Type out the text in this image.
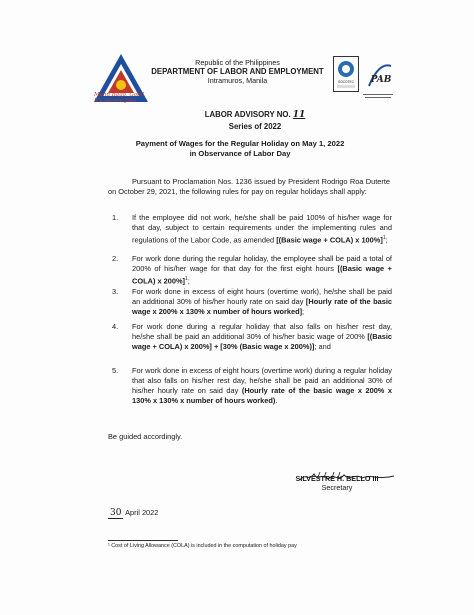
Mann Bago, Golo!
It's decent jobs
Republic of the Philippines
DEPARTMENT OF LABOR AND EMPLOYMENT
Intramuros, Manila	SOCOTEC PAB
LABOR ADVISORY NO. 11
Series of 2022
Payment of Wages for the Regular Holiday on May 1, 2022
in Observance of Labor Day
Pursuant to Proclamation Nos. 1236 issued by President Rodrigo Roa Duterte on October 29, 2021, the following rules for pay on regular holidays shall apply:
1.	If the employee did not work, he/she shall be paid 100% of his/her wage for that day, subject to certain requirements under the implementing rules and regulations of the Labor Code, as amended [(Basic wage + COLA) x 100%]$^1$;
2.	For work done during the regular holiday, the employee shall be paid a total of 200% of his/her wage for that day for the first eight hours [(Basic wage + COLA) x 200%]$^1$;
3.	For work done in excess of eight hours (overtime work), he/she shall be paid an additional 30% of his/her hourly rate on said day [Hourly rate of the basic wage x 200% x 130% x number of hours worked];
4.	For work done during a regular holiday that also falls on his/her rest day, he/she shall be paid an additional 30% of his/her basic wage of 200% [(Basic wage + COLA) x 200%] + [30% (Basic wage x 200%)]; and
5.	For work done in excess of eight hours (overtime work) during a regular holiday that also falls on his/her rest day, he/she shall be paid an additional 30% of his/her hourly rate on said day (Hourly rate of the basic wage x 200% x 130% x 130% x number of hours worked).
Be guided accordingly.
SILVESTRE H. BELLO III
Secretary
30 April 2022
¹ Cost of Living Allowance (COLA) is included in the computation of holiday pay
